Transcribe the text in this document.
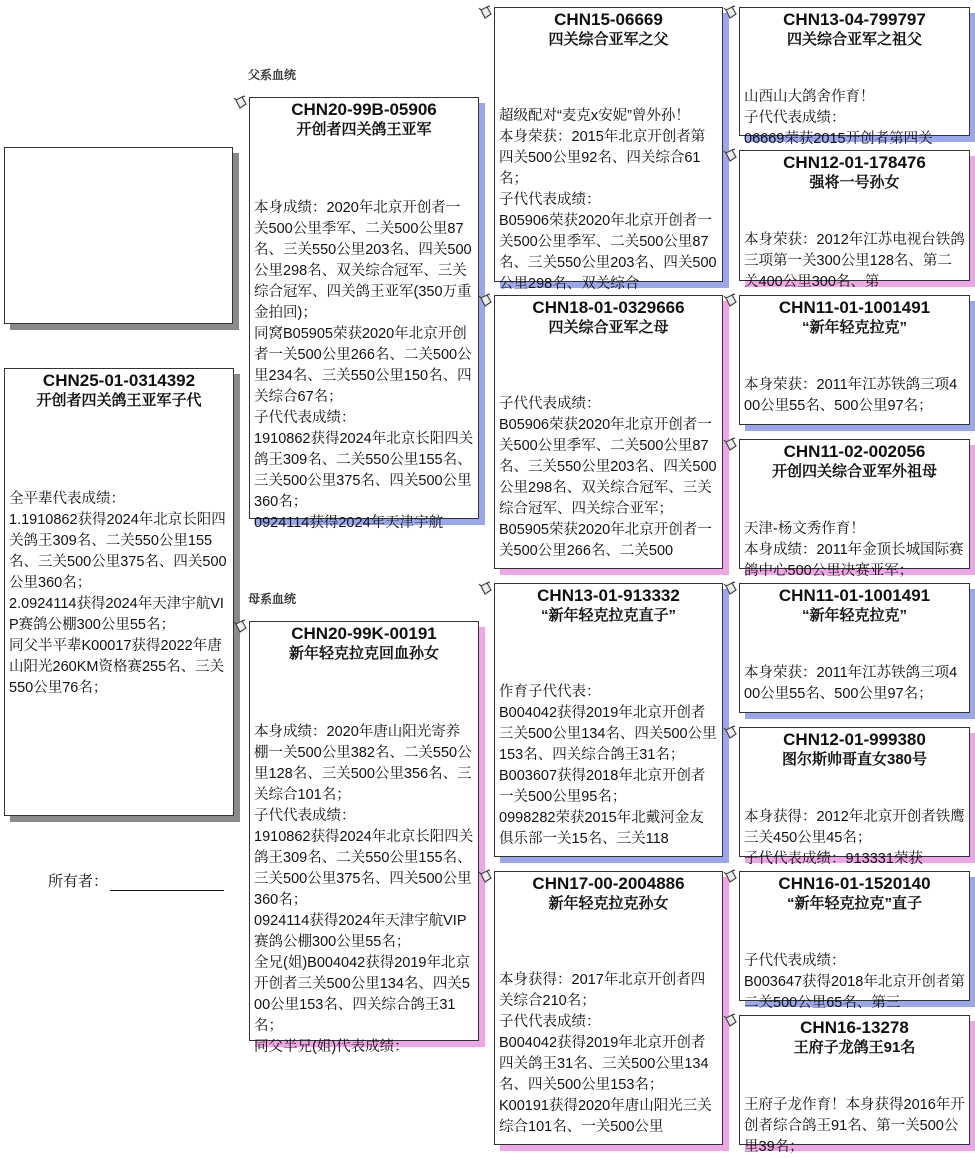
父系血统
母系血统
所有者：
CHN25-01-0314392
开创者四关鸽王亚军子代
全平辈代表成绩：
1.1910862获得2024年北京长阳四关鸽王309名、二关550公里155名、三关500公里375名、四关500公里360名；
2.0924114获得2024年天津宇航VIP赛鸽公棚300公里55名；
同父半平辈K00017获得2022年唐山阳光260KM资格赛255名、三关550公里76名；
CHN20-99B-05906
开创者四关鸽王亚军
本身成绩：2020年北京开创者一关500公里季军、二关500公里87名、三关550公里203名、四关500公里298名、双关综合冠军、三关综合冠军、四关鸽王亚军(350万重金拍回)；
同窝B05905荣获2020年北京开创者一关500公里266名、二关500公里234名、三关550公里150名、四关综合67名；
子代代表成绩：
1910862获得2024年北京长阳四关鸽王309名、二关550公里155名、三关500公里375名、四关500公里360名；
0924114获得2024年天津宇航
CHN20-99K-00191
新年轻克拉克回血孙女
本身成绩：2020年唐山阳光寄养棚一关500公里382名、二关550公里128名、三关500公里356名、三关综合101名；
子代代表成绩：
1910862获得2024年北京长阳四关鸽王309名、二关550公里155名、三关500公里375名、四关500公里360名；
0924114获得2024年天津宇航VIP赛鸽公棚300公里55名；
全兄(姐)B004042获得2019年北京开创者三关500公里134名、四关500公里153名、四关综合鸽王31名；
同父半兄(姐)代表成绩：
CHN15-06669
四关综合亚军之父
超级配对“麦克x安妮”曾外孙！
本身荣获：2015年北京开创者第四关500公里92名、四关综合61名；
子代代表成绩：
B05906荣获2020年北京开创者一关500公里季军、二关500公里87名、三关550公里203名、四关500公里298名、双关综合
CHN18-01-0329666
四关综合亚军之母
子代代表成绩：
B05906荣获2020年北京开创者一关500公里季军、二关500公里87名、三关550公里203名、四关500公里298名、双关综合冠军、三关综合冠军、四关综合亚军；
B05905荣获2020年北京开创者一关500公里266名、二关500
CHN13-01-913332
“新年轻克拉克直子”
作育子代代表：
B004042获得2019年北京开创者三关500公里134名、四关500公里153名、四关综合鸽王31名；
B003607获得2018年北京开创者一关500公里95名；
0998282荣获2015年北戴河金友俱乐部一关15名、三关118
CHN17-00-2004886
新年轻克拉克孙女
本身获得：2017年北京开创者四关综合210名；
子代代表成绩：
B004042获得2019年北京开创者四关鸽王31名、三关500公里134名、四关500公里153名；
K00191获得2020年唐山阳光三关综合101名、一关500公里
CHN13-04-799797
四关综合亚军之祖父
山西山大鸽舍作育！
子代代表成绩：
06669荣获2015开创者第四关
CHN12-01-178476
强将一号孙女
本身荣获：2012年江苏电视台铁鸽三项第一关300公里128名、第二关400公里300名、第
CHN11-01-1001491
“新年轻克拉克”
本身荣获：2011年江苏铁鸽三项400公里55名、500公里97名；
CHN11-02-002056
开创四关综合亚军外祖母
天津-杨文秀作育！
本身成绩：2011年金顶长城国际赛鸽中心500公里决赛亚军；
CHN11-01-1001491
“新年轻克拉克”
本身荣获：2011年江苏铁鸽三项400公里55名、500公里97名；
CHN12-01-999380
图尔斯帅哥直女380号
本身获得：2012年北京开创者铁鹰三关450公里45名；
子代代表成绩：913331荣获
CHN16-01-1520140
“新年轻克拉克”直子
子代代表成绩：
B003647获得2018年北京开创者第二关500公里65名、第三
CHN16-13278
王府子龙鸽王91名
王府子龙作育！本身获得2016年开创者综合鸽王91名、第一关500公里39名；
